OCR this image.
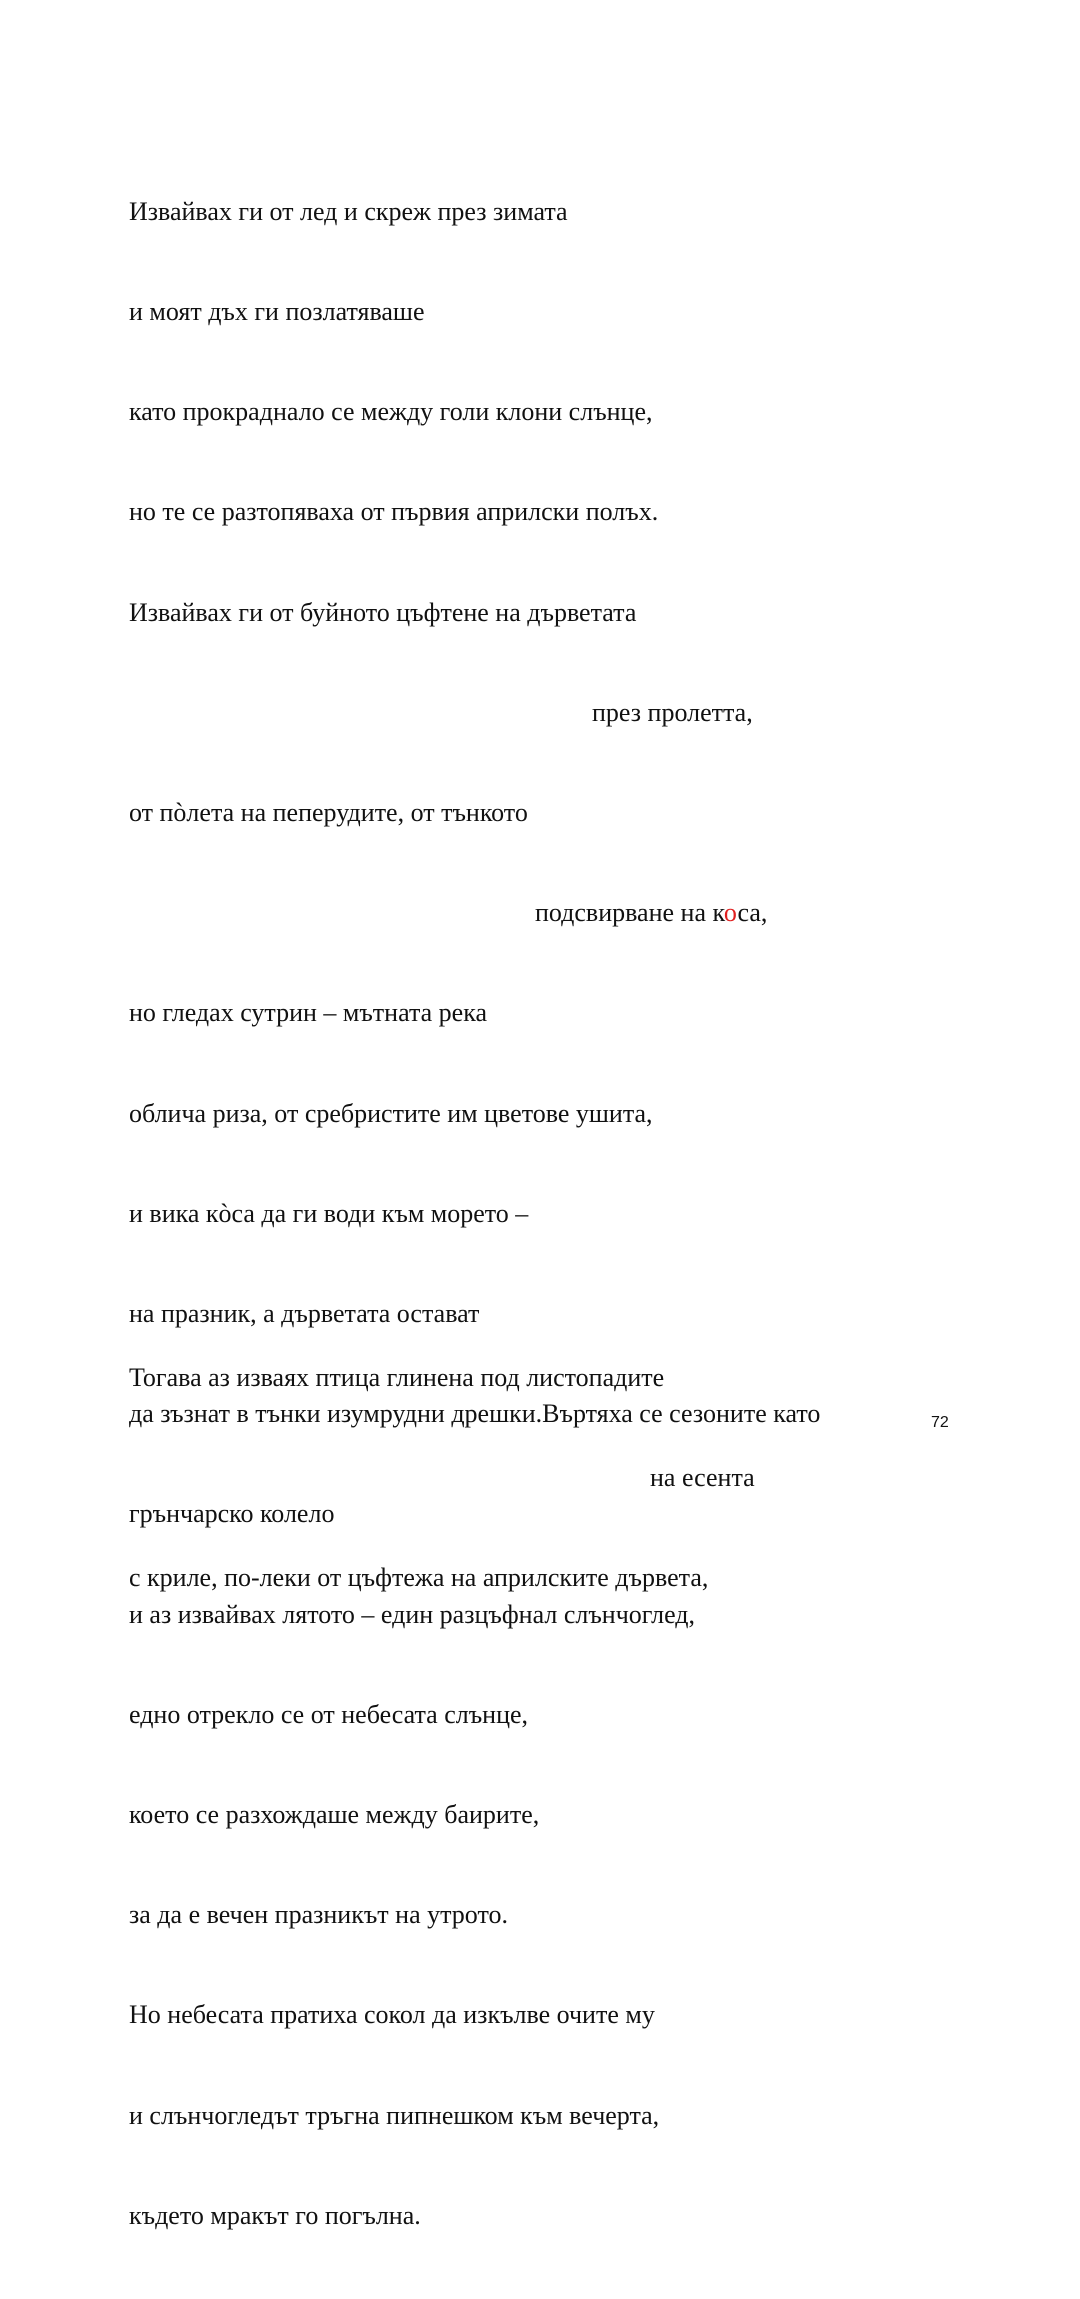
Извайвах ги от лед и скреж през зимата

и моят дъх ги позлатяваше

като прокраднало се между голи клони слънце,

но те се разтопяваха от първия априлски полъх.

Извайвах ги от буйното цъфтене на дърветата

през пролетта,

от пòлета на пеперудите, от тънкото

подсвирване на коса,

но гледах сутрин – мътната река

облича риза, от сребристите им цветове ушита,

и вика кòса да ги води към морето –

на празник, а дърветата остават

да зъзнат в тънки изумрудни дрешки.Въртяха се сезоните като

грънчарско колело

и аз извайвах лятото – един разцъфнал слънчоглед,

едно отрекло се от небесата слънце,

което се разхождаше между баирите,

за да е вечен празникът на утрото.

Но небесата пратиха сокол да изкълве очите му

и слънчогледът тръгна пипнешком към вечерта,

където мракът го погълна.

Тогава аз изваях птица глинена под листопадите

на есента

с криле, по-леки от цъфтежа на априлските дървета,

72
